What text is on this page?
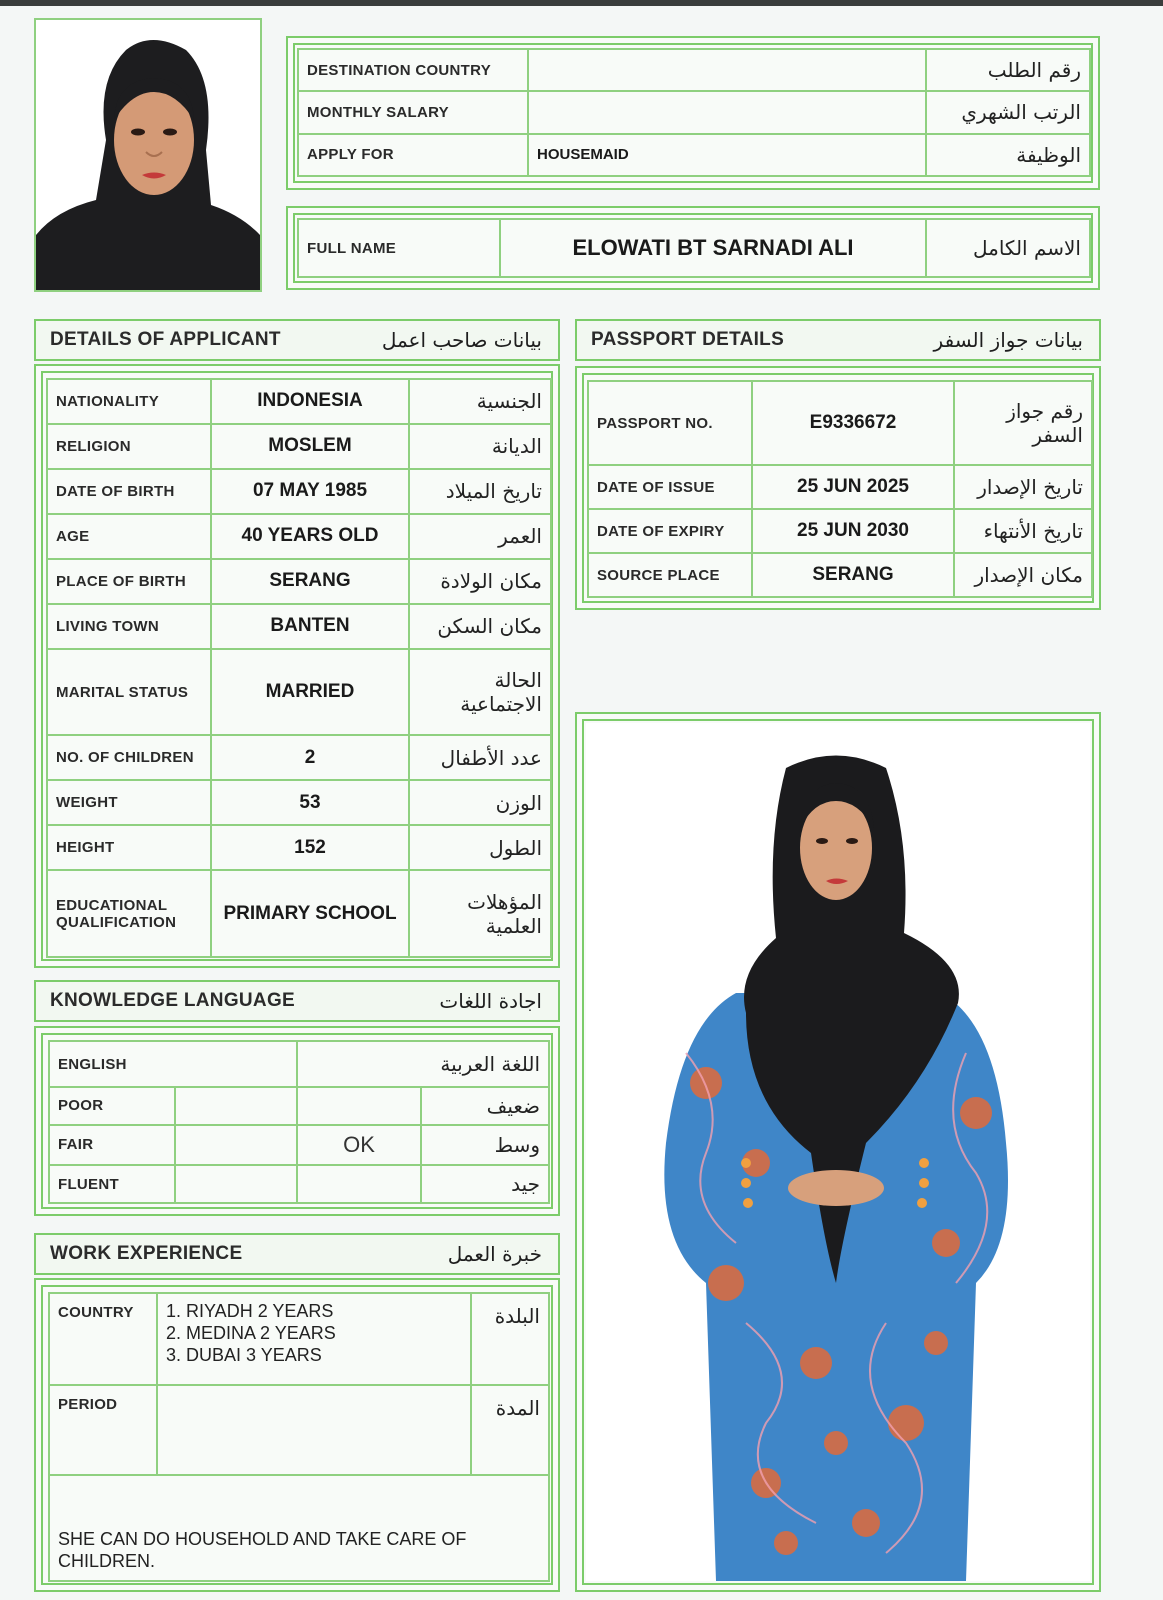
DESTINATION COUNTRY		رقم الطلب
MONTHLY SALARY		الرتب الشهري
APPLY FOR	HOUSEMAID	الوظيفة
FULL NAME	ELOWATI BT SARNADI ALI	الاسم الكامل
DETAILS OF APPLICANT	بيانات صاحب اعمل
NATIONALITY	INDONESIA	الجنسية
RELIGION	MOSLEM	الديانة
DATE OF BIRTH	07 MAY 1985	تاريخ الميلاد
AGE	40 YEARS OLD	العمر
PLACE OF BIRTH	SERANG	مكان الولادة
LIVING TOWN	BANTEN	مكان السكن
MARITAL STATUS	MARRIED	الحالة الاجتماعية
NO. OF CHILDREN	2	عدد الأطفال
WEIGHT	53	الوزن
HEIGHT	152	الطول
EDUCATIONAL QUALIFICATION	PRIMARY SCHOOL	المؤهلات العلمية
PASSPORT DETAILS	بيانات جواز السفر
PASSPORT NO.	E9336672	رقم جواز السفر
DATE OF ISSUE	25 JUN 2025	تاريخ الإصدار
DATE OF EXPIRY	25 JUN 2030	تاريخ الأنتهاء
SOURCE PLACE	SERANG	مكان الإصدار
KNOWLEDGE LANGUAGE	اجادة اللغات
ENGLISH		اللغة العربية	
POOR			ضعيف
FAIR		OK	وسط
FLUENT			جيد
WORK EXPERIENCE	خبرة العمل
COUNTRY	1. RIYADH 2 YEARS
2. MEDINA 2 YEARS
3. DUBAI 3 YEARS	البلدة
PERIOD		المدة
SHE CAN DO HOUSEHOLD AND TAKE CARE OF CHILDREN.		
